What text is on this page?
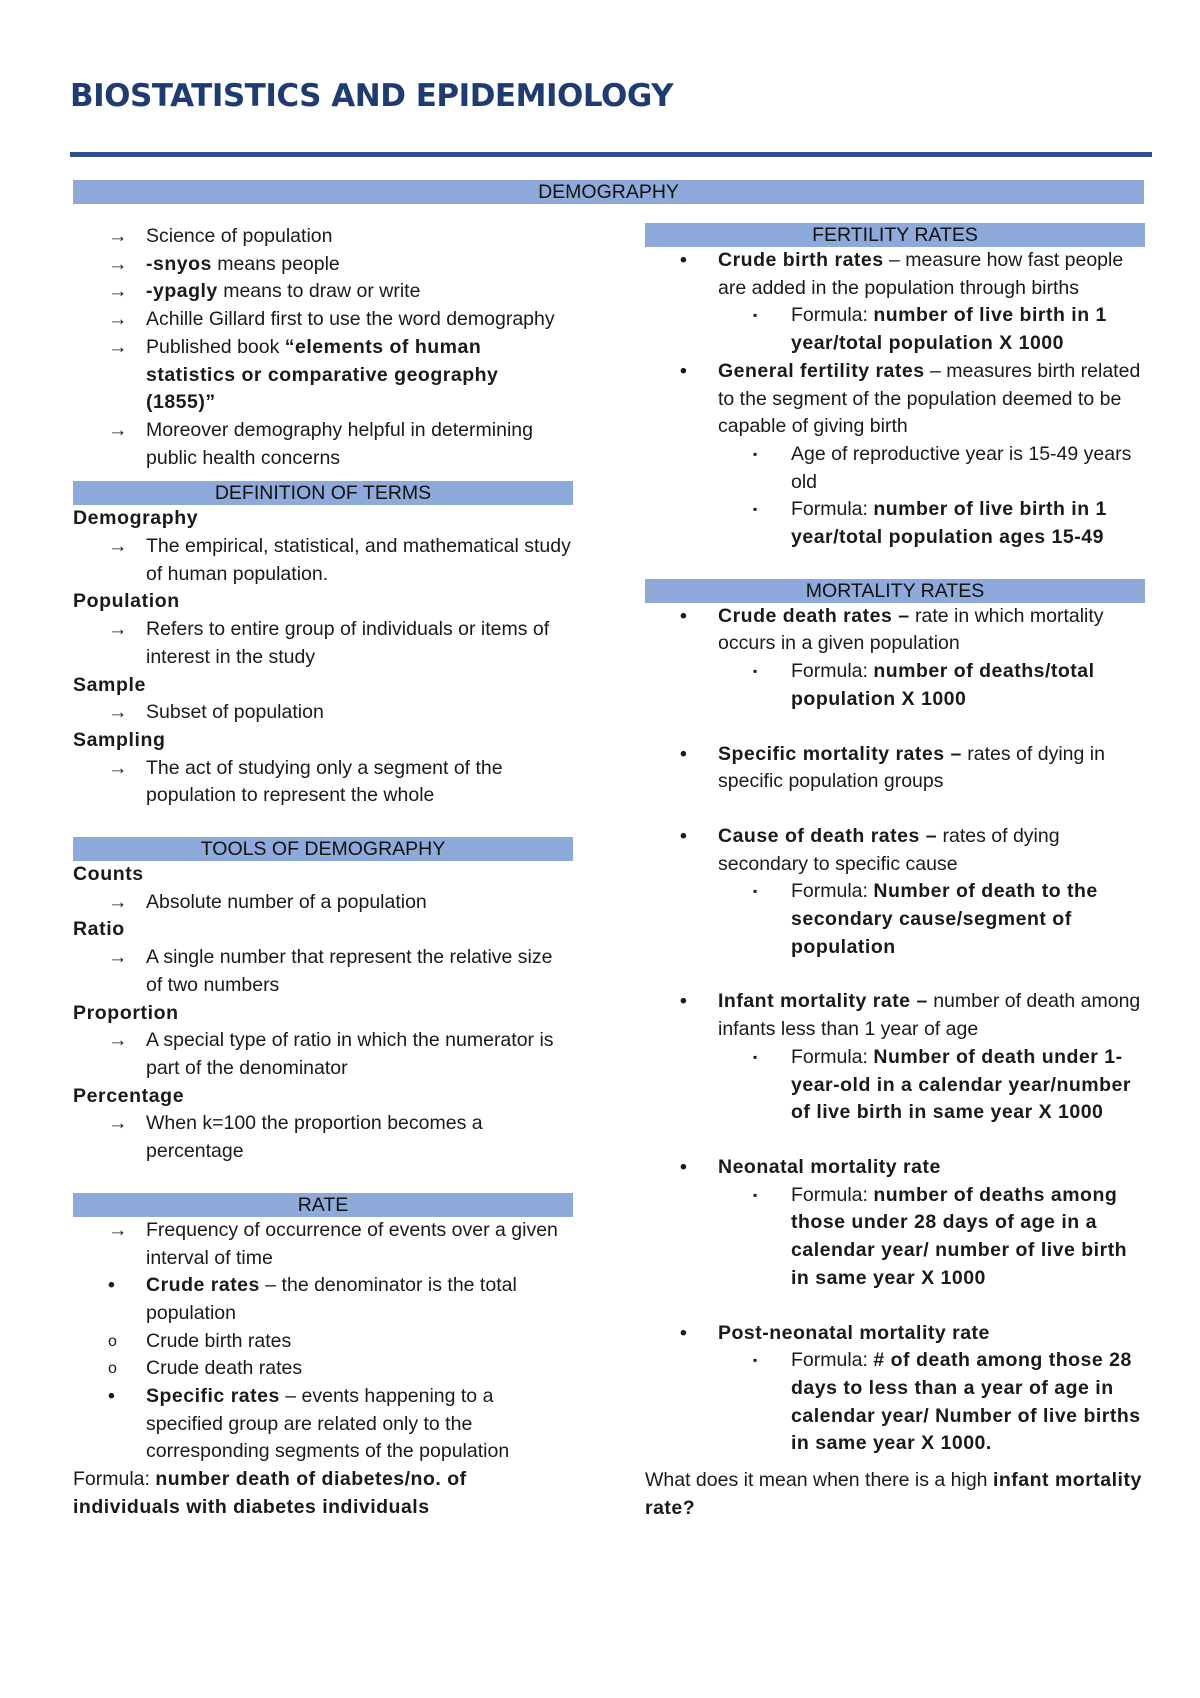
BIOSTATISTICS AND EPIDEMIOLOGY
DEMOGRAPHY
→ Science of population
→ -snyos means people
→ -ypagly means to draw or write
→ Achille Gillard first to use the word demography
→ Published book “elements of human statistics or comparative geography (1855)”
→ Moreover demography helpful in determining public health concerns
DEFINITION OF TERMS

Demography

→ The empirical, statistical, and mathematical study of human population.

Population

→ Refers to entire group of individuals or items of interest in the study

Sample

→ Subset of population

Sampling

→ The act of studying only a segment of the population to represent the whole
TOOLS OF DEMOGRAPHY

Counts

→ Absolute number of a population

Ratio

→ A single number that represent the relative size of two numbers

Proportion

→ A special type of ratio in which the numerator is part of the denominator

Percentage

→ When k=100 the proportion becomes a percentage
RATE
→ Frequency of occurrence of events over a given interval of time
•	Crude rates – the denominator is the total population
o Crude birth rates
o Crude death rates
•	Specific rates – events happening to a specified group are related only to the corresponding segments of the population

Formula: number death of diabetes/no. of individuals with diabetes individuals

FERTILITY RATES
• Crude birth rates – measure how fast people are added in the population through births
▪ Formula: number of live birth in 1 year/total population X 1000
• General fertility rates – measures birth related to the segment of the population deemed to be capable of giving birth
▪ Age of reproductive year is 15-49 years old
▪ Formula: number of live birth in 1 year/total population ages 15-49
MORTALITY RATES
• Crude death rates – rate in which mortality occurs in a given population
▪ Formula: number of deaths/total population X 1000
• Specific mortality rates – rates of dying in specific population groups
• Cause of death rates – rates of dying secondary to specific cause
▪ Formula: Number of death to the secondary cause/segment of population
• Infant mortality rate – number of death among infants less than 1 year of age
▪ Formula: Number of death under 1-year-old in a calendar year/number of live birth in same year X 1000
• Neonatal mortality rate
▪ Formula: number of deaths among those under 28 days of age in a calendar year/ number of live birth in same year X 1000
• Post-neonatal mortality rate
▪ Formula: # of death among those 28 days to less than a year of age in calendar year/ Number of live births in same year X 1000.

What does it mean when there is a high infant mortality rate?
